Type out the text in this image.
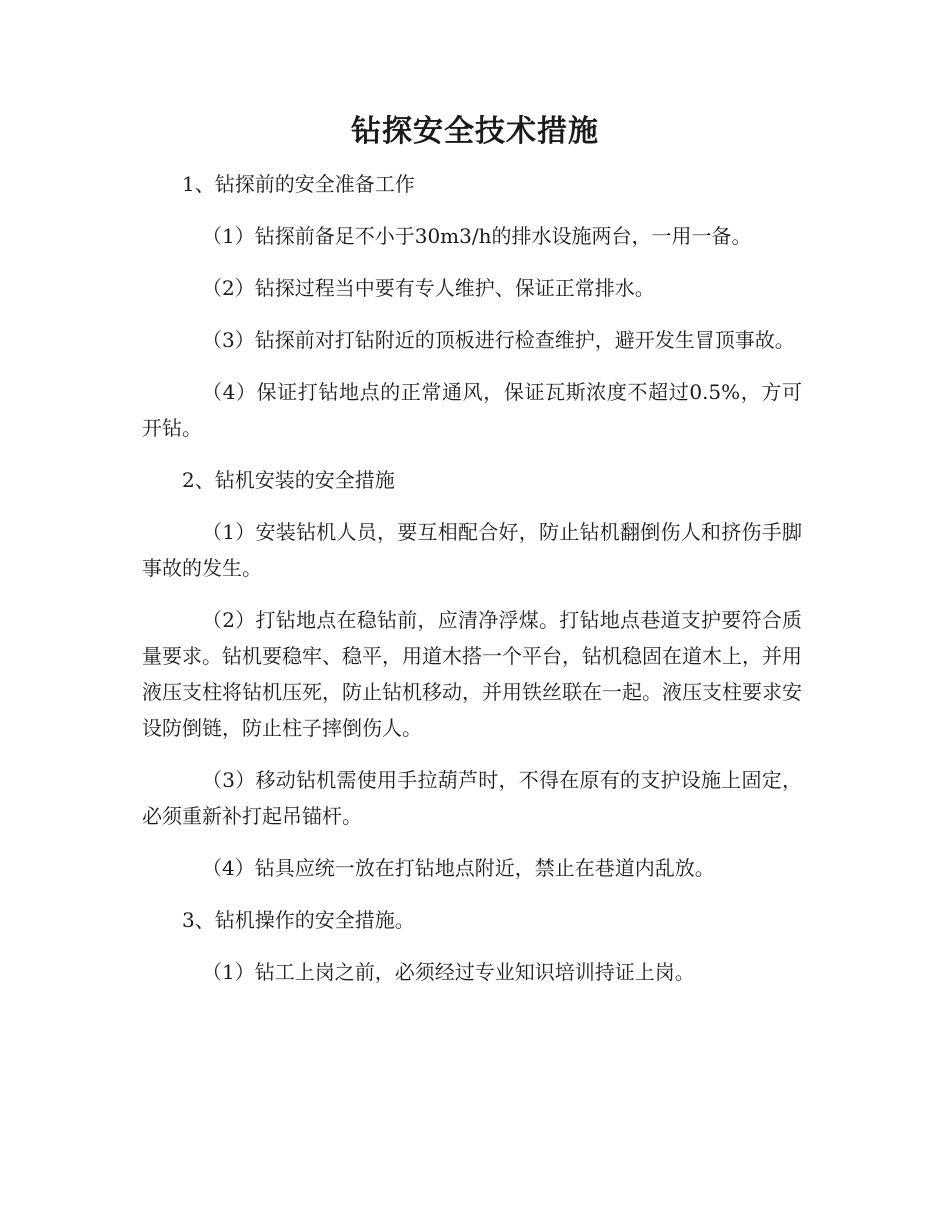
钻探安全技术措施

1、钻探前的安全准备工作

（1）钻探前备足不小于30m3/h的排水设施两台，一用一备。

（2）钻探过程当中要有专人维护、保证正常排水。

（3）钻探前对打钻附近的顶板进行检查维护，避开发生冒顶事故。

（4）保证打钻地点的正常通风，保证瓦斯浓度不超过0.5%，方可开钻。

2、钻机安装的安全措施

（1）安装钻机人员，要互相配合好，防止钻机翻倒伤人和挤伤手脚事故的发生。

（2）打钻地点在稳钻前，应清净浮煤。打钻地点巷道支护要符合质量要求。钻机要稳牢、稳平，用道木搭一个平台，钻机稳固在道木上，并用液压支柱将钻机压死，防止钻机移动，并用铁丝联在一起。液压支柱要求安设防倒链，防止柱子摔倒伤人。

（3）移动钻机需使用手拉葫芦时，不得在原有的支护设施上固定，必须重新补打起吊锚杆。

（4）钻具应统一放在打钻地点附近，禁止在巷道内乱放。

3、钻机操作的安全措施。

（1）钻工上岗之前，必须经过专业知识培训持证上岗。
